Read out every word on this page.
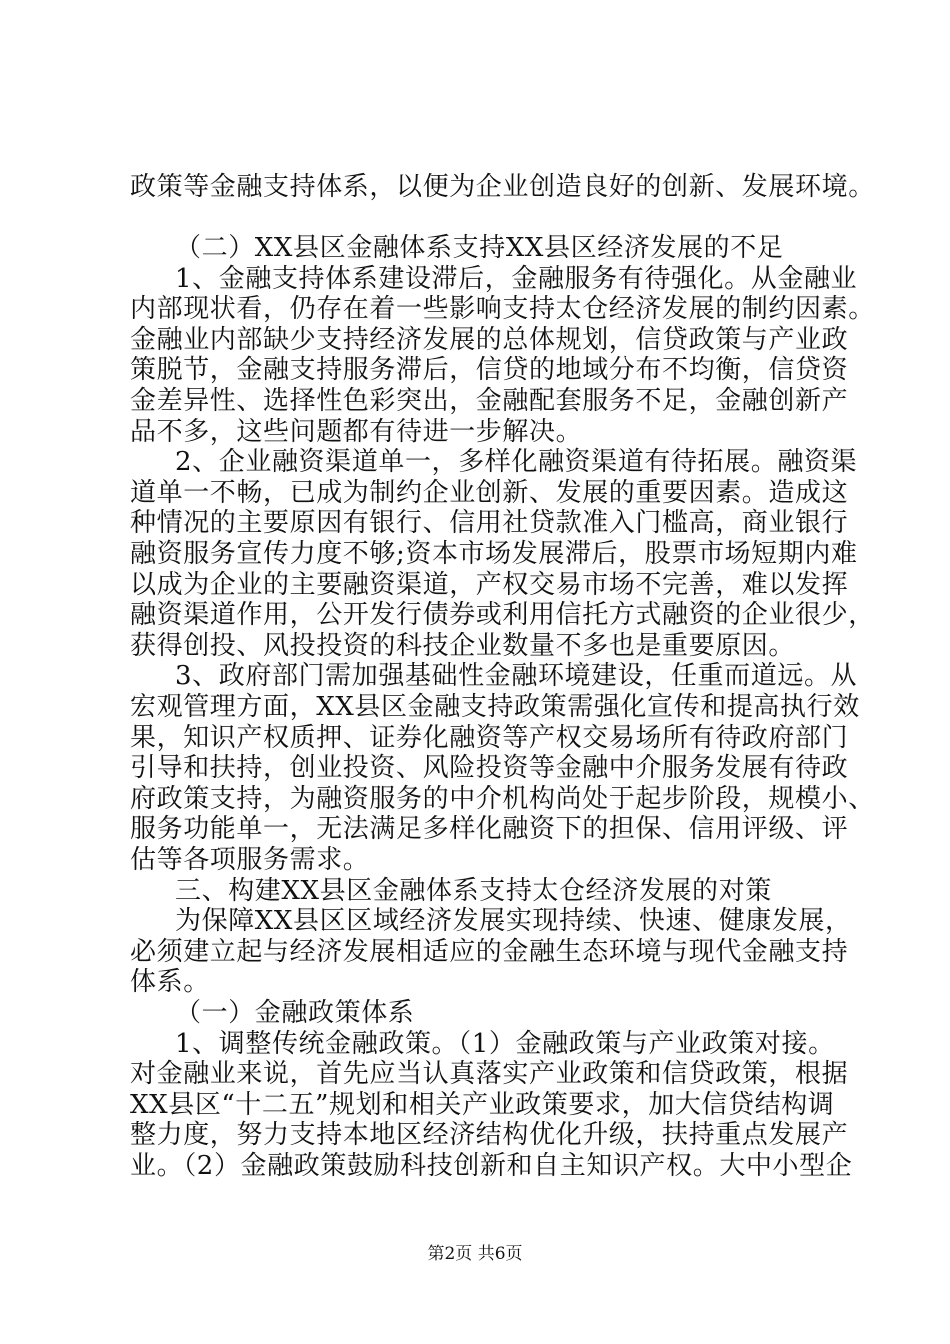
政策等金融支持体系，以便为企业创造良好的创新、发展环境。
（二）XX县区金融体系支持XX县区经济发展的不足
1、金融支持体系建设滞后，金融服务有待强化。从金融业
内部现状看，仍存在着一些影响支持太仓经济发展的制约因素。
金融业内部缺少支持经济发展的总体规划，信贷政策与产业政
策脱节，金融支持服务滞后，信贷的地域分布不均衡，信贷资
金差异性、选择性色彩突出，金融配套服务不足，金融创新产
品不多，这些问题都有待进一步解决。
2、企业融资渠道单一，多样化融资渠道有待拓展。融资渠
道单一不畅，已成为制约企业创新、发展的重要因素。造成这
种情况的主要原因有银行、信用社贷款准入门槛高，商业银行
融资服务宣传力度不够;资本市场发展滞后，股票市场短期内难
以成为企业的主要融资渠道，产权交易市场不完善，难以发挥
融资渠道作用，公开发行债券或利用信托方式融资的企业很少，
获得创投、风投投资的科技企业数量不多也是重要原因。
3、政府部门需加强基础性金融环境建设，任重而道远。从
宏观管理方面，XX县区金融支持政策需强化宣传和提高执行效
果，知识产权质押、证券化融资等产权交易场所有待政府部门
引导和扶持，创业投资、风险投资等金融中介服务发展有待政
府政策支持，为融资服务的中介机构尚处于起步阶段，规模小、
服务功能单一，无法满足多样化融资下的担保、信用评级、评
估等各项服务需求。
三、构建XX县区金融体系支持太仓经济发展的对策
为保障XX县区区域经济发展实现持续、快速、健康发展，
必须建立起与经济发展相适应的金融生态环境与现代金融支持
体系。
（一）金融政策体系
1、调整传统金融政策。（1）金融政策与产业政策对接。
对金融业来说，首先应当认真落实产业政策和信贷政策，根据
XX县区“十二五”规划和相关产业政策要求，加大信贷结构调
整力度，努力支持本地区经济结构优化升级，扶持重点发展产
业。（2）金融政策鼓励科技创新和自主知识产权。大中小型企
第2页 共6页
